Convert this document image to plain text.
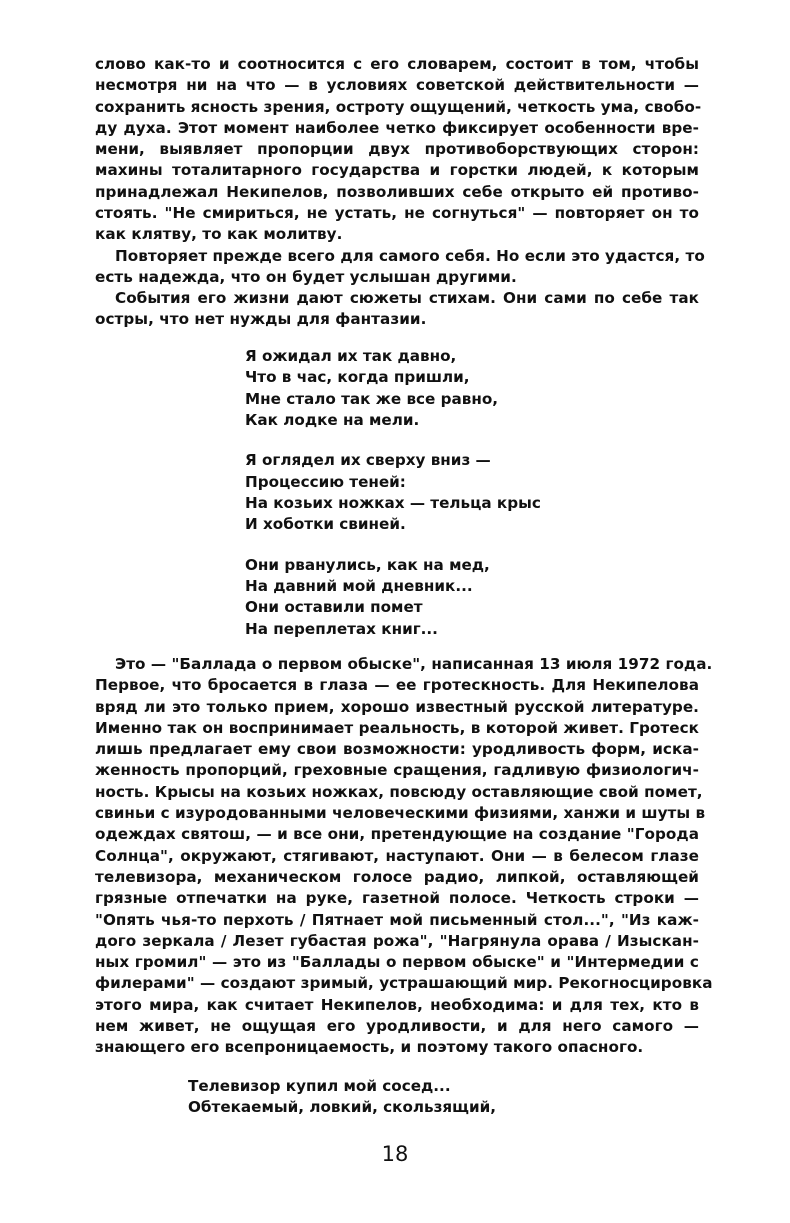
слово как-то и соотносится с его словарем, состоит в том, чтобы
несмотря ни на что — в условиях советской действительности —
сохранить ясность зрения, остроту ощущений, четкость ума, свобо-
ду духа. Этот момент наиболее четко фиксирует особенности вре-
мени, выявляет пропорции двух противоборствующих сторон:
махины тоталитарного государства и горстки людей, к которым
принадлежал Некипелов, позволивших себе открыто ей противо-
стоять. "Не смириться, не устать, не согнуться" — повторяет он то
как клятву, то как молитву.
Повторяет прежде всего для самого себя. Но если это удастся, то
есть надежда, что он будет услышан другими.
События его жизни дают сюжеты стихам. Они сами по себе так
остры, что нет нужды для фантазии.
Я ожидал их так давно,
Что в час, когда пришли,
Мне стало так же все равно,
Как лодке на мели.
Я оглядел их сверху вниз —
Процессию теней:
На козьих ножках — тельца крыс
И хоботки свиней.
Они рванулись, как на мед,
На давний мой дневник...
Они оставили помет
На переплетах книг...
Это — "Баллада о первом обыске", написанная 13 июля 1972 года.
Первое, что бросается в глаза — ее гротескность. Для Некипелова
вряд ли это только прием, хорошо известный русской литературе.
Именно так он воспринимает реальность, в которой живет. Гротеск
лишь предлагает ему свои возможности: уродливость форм, иска-
женность пропорций, греховные сращения, гадливую физиологич-
ность. Крысы на козьих ножках, повсюду оставляющие свой помет,
свиньи с изуродованными человеческими физиями, ханжи и шуты в
одеждах святош, — и все они, претендующие на создание "Города
Солнца", окружают, стягивают, наступают. Они — в белесом глазе
телевизора, механическом голосе радио, липкой, оставляющей
грязные отпечатки на руке, газетной полосе. Четкость строки —
"Опять чья-то перхоть / Пятнает мой письменный стол...", "Из каж-
дого зеркала / Лезет губастая рожа", "Нагрянула орава / Изыскан-
ных громил" — это из "Баллады о первом обыске" и "Интермедии с
филерами" — создают зримый, устрашающий мир. Рекогносцировка
этого мира, как считает Некипелов, необходима: и для тех, кто в
нем живет, не ощущая его уродливости, и для него самого —
знающего его всепроницаемость, и поэтому такого опасного.
Телевизор купил мой сосед...
Обтекаемый, ловкий, скользящий,
18
